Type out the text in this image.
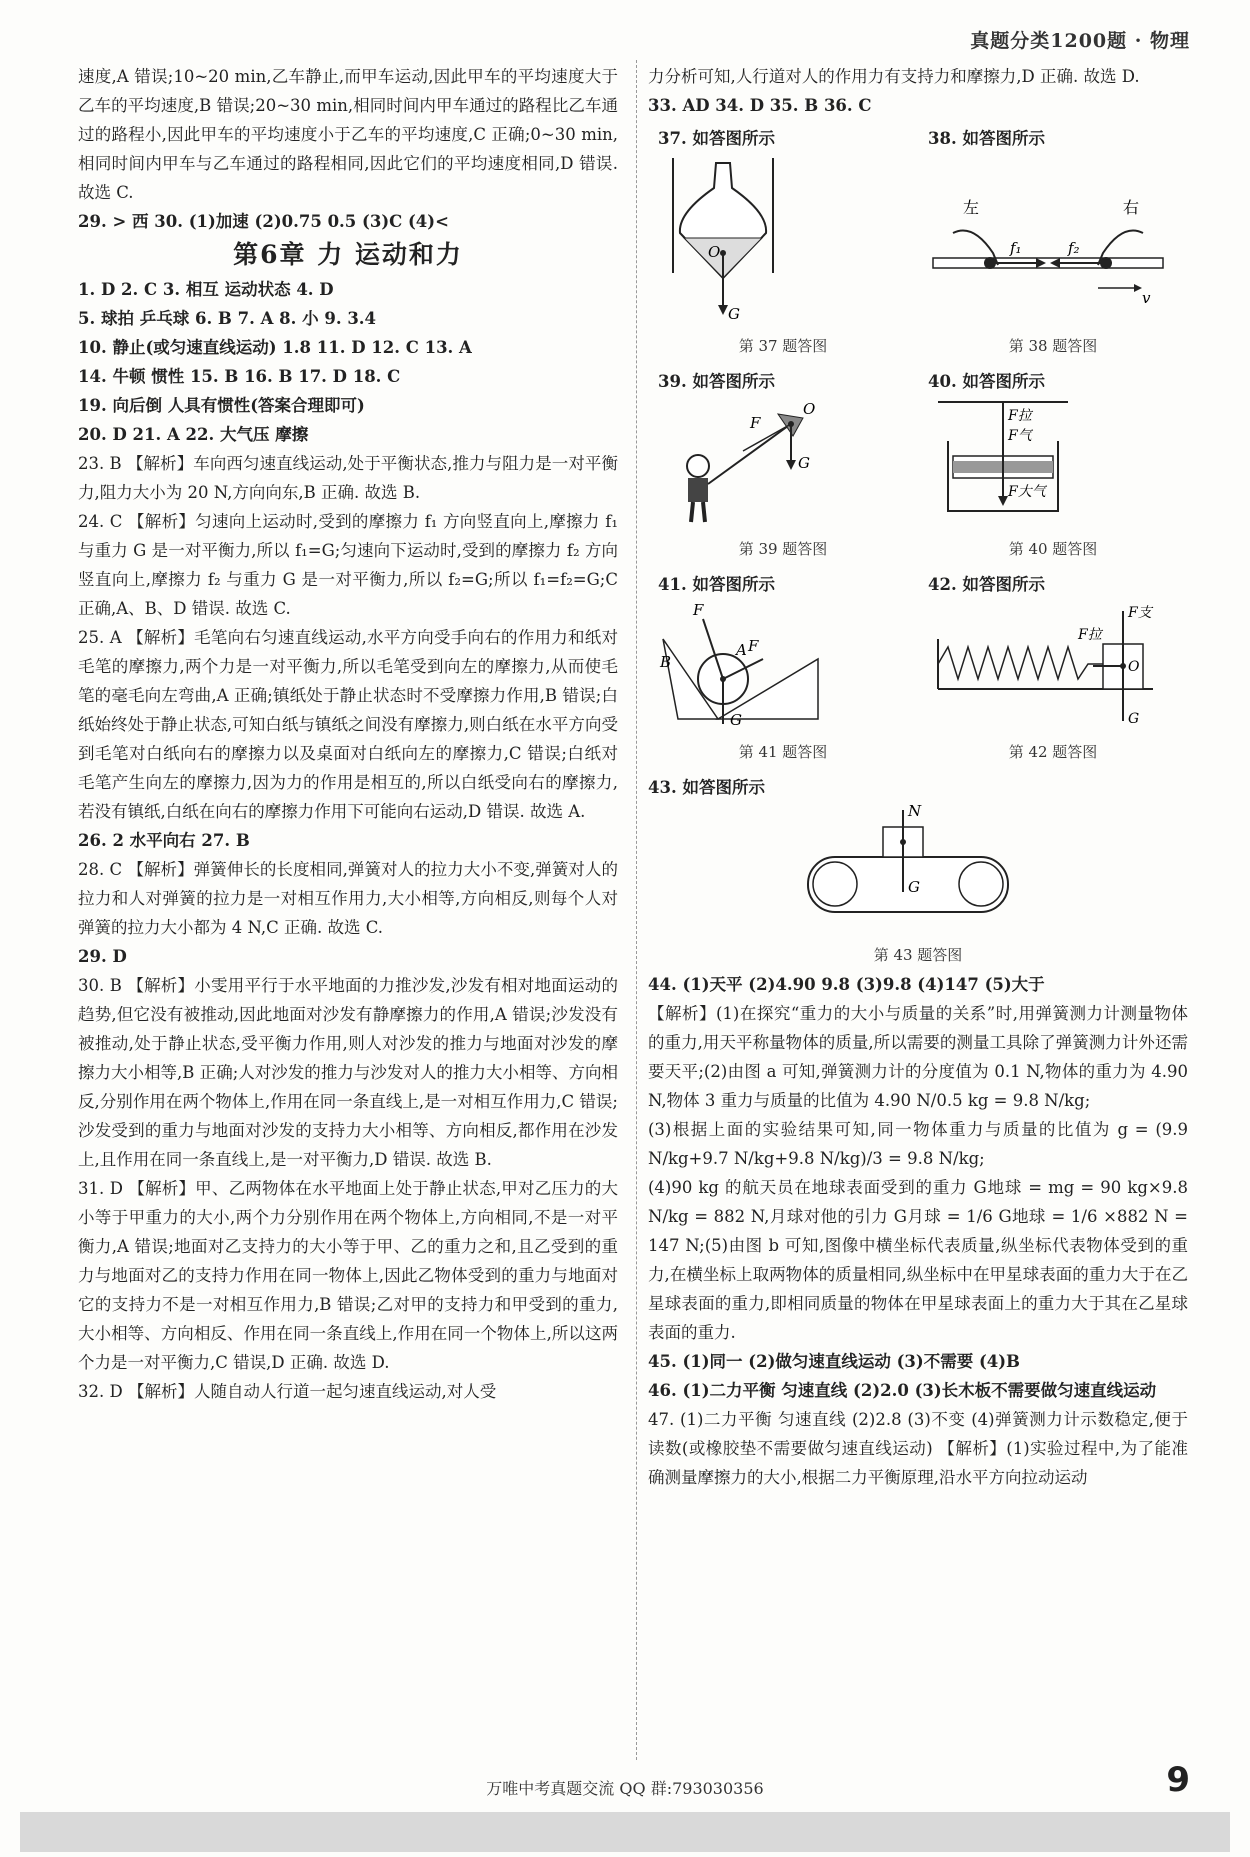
真题分类1200题 · 物理

速度,A 错误;10~20 min,乙车静止,而甲车运动,因此甲车的平均速度大于乙车的平均速度,B 错误;20~30 min,相同时间内甲车通过的路程比乙车通过的路程小,因此甲车的平均速度小于乙车的平均速度,C 正确;0~30 min,相同时间内甲车与乙车通过的路程相同,因此它们的平均速度相同,D 错误. 故选 C.

29. > 西 30. (1)加速 (2)0.75 0.5 (3)C (4)<

第6章 力 运动和力

1. D 2. C 3. 相互 运动状态 4. D

5. 球拍 乒乓球 6. B 7. A 8. 小 9. 3.4

10. 静止(或匀速直线运动) 1.8 11. D 12. C 13. A

14. 牛顿 惯性 15. B 16. B 17. D 18. C

19. 向后倒 人具有惯性(答案合理即可)

20. D 21. A 22. 大气压 摩擦

23. B 【解析】车向西匀速直线运动,处于平衡状态,推力与阻力是一对平衡力,阻力大小为 20 N,方向向东,B 正确. 故选 B.

24. C 【解析】匀速向上运动时,受到的摩擦力 f₁ 方向竖直向上,摩擦力 f₁ 与重力 G 是一对平衡力,所以 f₁=G;匀速向下运动时,受到的摩擦力 f₂ 方向竖直向上,摩擦力 f₂ 与重力 G 是一对平衡力,所以 f₂=G;所以 f₁=f₂=G;C 正确,A、B、D 错误. 故选 C.

25. A 【解析】毛笔向右匀速直线运动,水平方向受手向右的作用力和纸对毛笔的摩擦力,两个力是一对平衡力,所以毛笔受到向左的摩擦力,从而使毛笔的毫毛向左弯曲,A 正确;镇纸处于静止状态时不受摩擦力作用,B 错误;白纸始终处于静止状态,可知白纸与镇纸之间没有摩擦力,则白纸在水平方向受到毛笔对白纸向右的摩擦力以及桌面对白纸向左的摩擦力,C 错误;白纸对毛笔产生向左的摩擦力,因为力的作用是相互的,所以白纸受向右的摩擦力,若没有镇纸,白纸在向右的摩擦力作用下可能向右运动,D 错误. 故选 A.

26. 2 水平向右 27. B

28. C 【解析】弹簧伸长的长度相同,弹簧对人的拉力大小不变,弹簧对人的拉力和人对弹簧的拉力是一对相互作用力,大小相等,方向相反,则每个人对弹簧的拉力大小都为 4 N,C 正确. 故选 C.

29. D

30. B 【解析】小雯用平行于水平地面的力推沙发,沙发有相对地面运动的趋势,但它没有被推动,因此地面对沙发有静摩擦力的作用,A 错误;沙发没有被推动,处于静止状态,受平衡力作用,则人对沙发的推力与地面对沙发的摩擦力大小相等,B 正确;人对沙发的推力与沙发对人的推力大小相等、方向相反,分别作用在两个物体上,作用在同一条直线上,是一对相互作用力,C 错误;沙发受到的重力与地面对沙发的支持力大小相等、方向相反,都作用在沙发上,且作用在同一条直线上,是一对平衡力,D 错误. 故选 B.

31. D 【解析】甲、乙两物体在水平地面上处于静止状态,甲对乙压力的大小等于甲重力的大小,两个力分别作用在两个物体上,方向相同,不是一对平衡力,A 错误;地面对乙支持力的大小等于甲、乙的重力之和,且乙受到的重力与地面对乙的支持力作用在同一物体上,因此乙物体受到的重力与地面对它的支持力不是一对相互作用力,B 错误;乙对甲的支持力和甲受到的重力,大小相等、方向相反、作用在同一条直线上,作用在同一个物体上,所以这两个力是一对平衡力,C 错误,D 正确. 故选 D.

32. D 【解析】人随自动人行道一起匀速直线运动,对人受

力分析可知,人行道对人的作用力有支持力和摩擦力,D 正确. 故选 D.

33. AD 34. D 35. B 36. C

37. 如答图所示
O
G
第 37 题答图
38. 如答图所示
左	右
f₁	f₂
v
第 38 题答图
39. 如答图所示
F
O
G
第 39 题答图
40. 如答图所示
F拉
F气
F大气
第 40 题答图
41. 如答图所示
F
F
A
B
G
第 41 题答图
42. 如答图所示
F拉
F支
O
G
第 42 题答图
43. 如答图所示
N
G
第 43 题答图

44. (1)天平 (2)4.90 9.8 (3)9.8 (4)147 (5)大于

【解析】(1)在探究“重力的大小与质量的关系”时,用弹簧测力计测量物体的重力,用天平称量物体的质量,所以需要的测量工具除了弹簧测力计外还需要天平;(2)由图 a 可知,弹簧测力计的分度值为 0.1 N,物体的重力为 4.90 N,物体 3 重力与质量的比值为 4.90 N/0.5 kg = 9.8 N/kg;

(3)根据上面的实验结果可知,同一物体重力与质量的比值为 g = (9.9 N/kg+9.7 N/kg+9.8 N/kg)/3 = 9.8 N/kg;

(4)90 kg 的航天员在地球表面受到的重力 G地球 = mg = 90 kg×9.8 N/kg = 882 N,月球对他的引力 G月球 = 1/6 G地球 = 1/6 ×882 N = 147 N;(5)由图 b 可知,图像中横坐标代表质量,纵坐标代表物体受到的重力,在横坐标上取两物体的质量相同,纵坐标中在甲星球表面的重力大于在乙星球表面的重力,即相同质量的物体在甲星球表面上的重力大于其在乙星球表面的重力.

45. (1)同一 (2)做匀速直线运动 (3)不需要 (4)B

46. (1)二力平衡 匀速直线 (2)2.0 (3)长木板不需要做匀速直线运动

47. (1)二力平衡 匀速直线 (2)2.8 (3)不变 (4)弹簧测力计示数稳定,便于读数(或橡胶垫不需要做匀速直线运动) 【解析】(1)实验过程中,为了能准确测量摩擦力的大小,根据二力平衡原理,沿水平方向拉动运动

万唯中考真题交流 QQ 群:793030356	9
